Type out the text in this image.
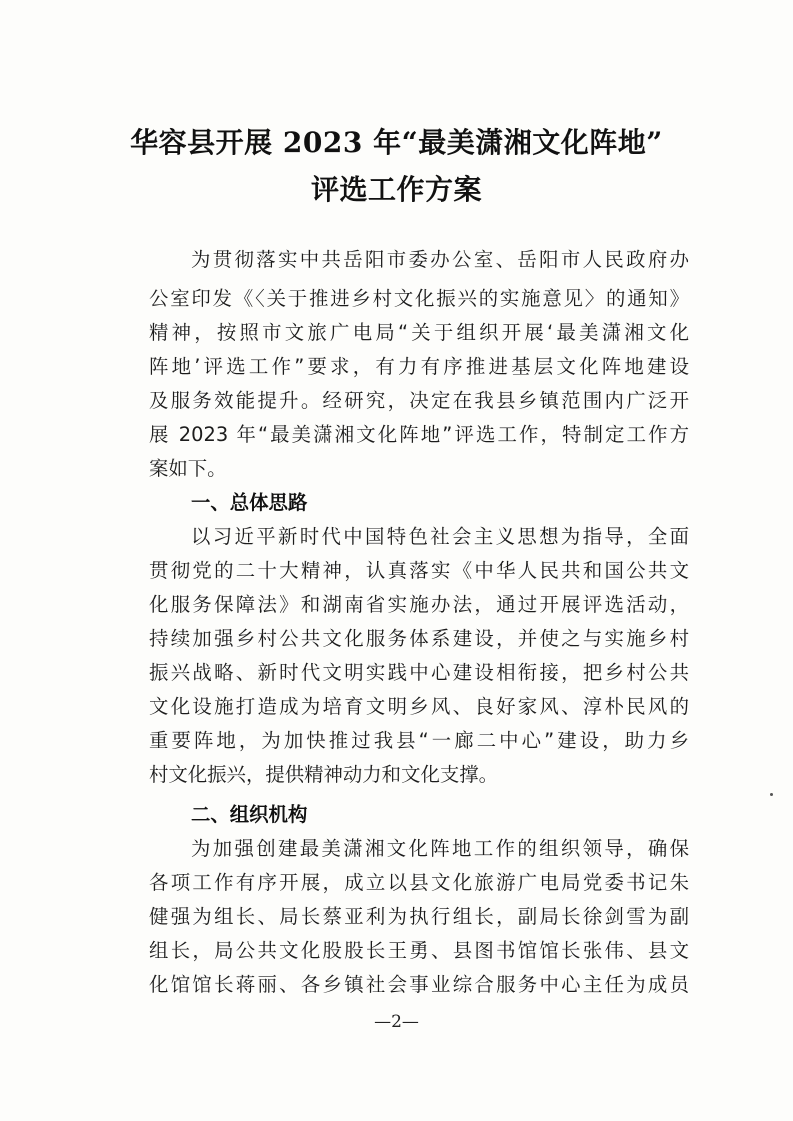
华容县开展 2023 年“最美潇湘文化阵地”
评选工作方案
为贯彻落实中共岳阳市委办公室、岳阳市人民政府办
公室印发《〈关于推进乡村文化振兴的实施意见〉的通知》
精神，按照市文旅广电局“关于组织开展‘最美潇湘文化
阵地’评选工作”要求，有力有序推进基层文化阵地建设
及服务效能提升。经研究，决定在我县乡镇范围内广泛开
展 2023 年“最美潇湘文化阵地”评选工作，特制定工作方
案如下。
一、总体思路
以习近平新时代中国特色社会主义思想为指导，全面
贯彻党的二十大精神，认真落实《中华人民共和国公共文
化服务保障法》和湖南省实施办法，通过开展评选活动，
持续加强乡村公共文化服务体系建设，并使之与实施乡村
振兴战略、新时代文明实践中心建设相衔接，把乡村公共
文化设施打造成为培育文明乡风、良好家风、淳朴民风的
重要阵地，为加快推过我县“一廊二中心”建设，助力乡
村文化振兴，提供精神动力和文化支撑。
二、组织机构
为加强创建最美潇湘文化阵地工作的组织领导，确保
各项工作有序开展，成立以县文化旅游广电局党委书记朱
健强为组长、局长蔡亚利为执行组长，副局长徐剑雪为副
组长，局公共文化股股长王勇、县图书馆馆长张伟、县文
化馆馆长蒋丽、各乡镇社会事业综合服务中心主任为成员
—2—
